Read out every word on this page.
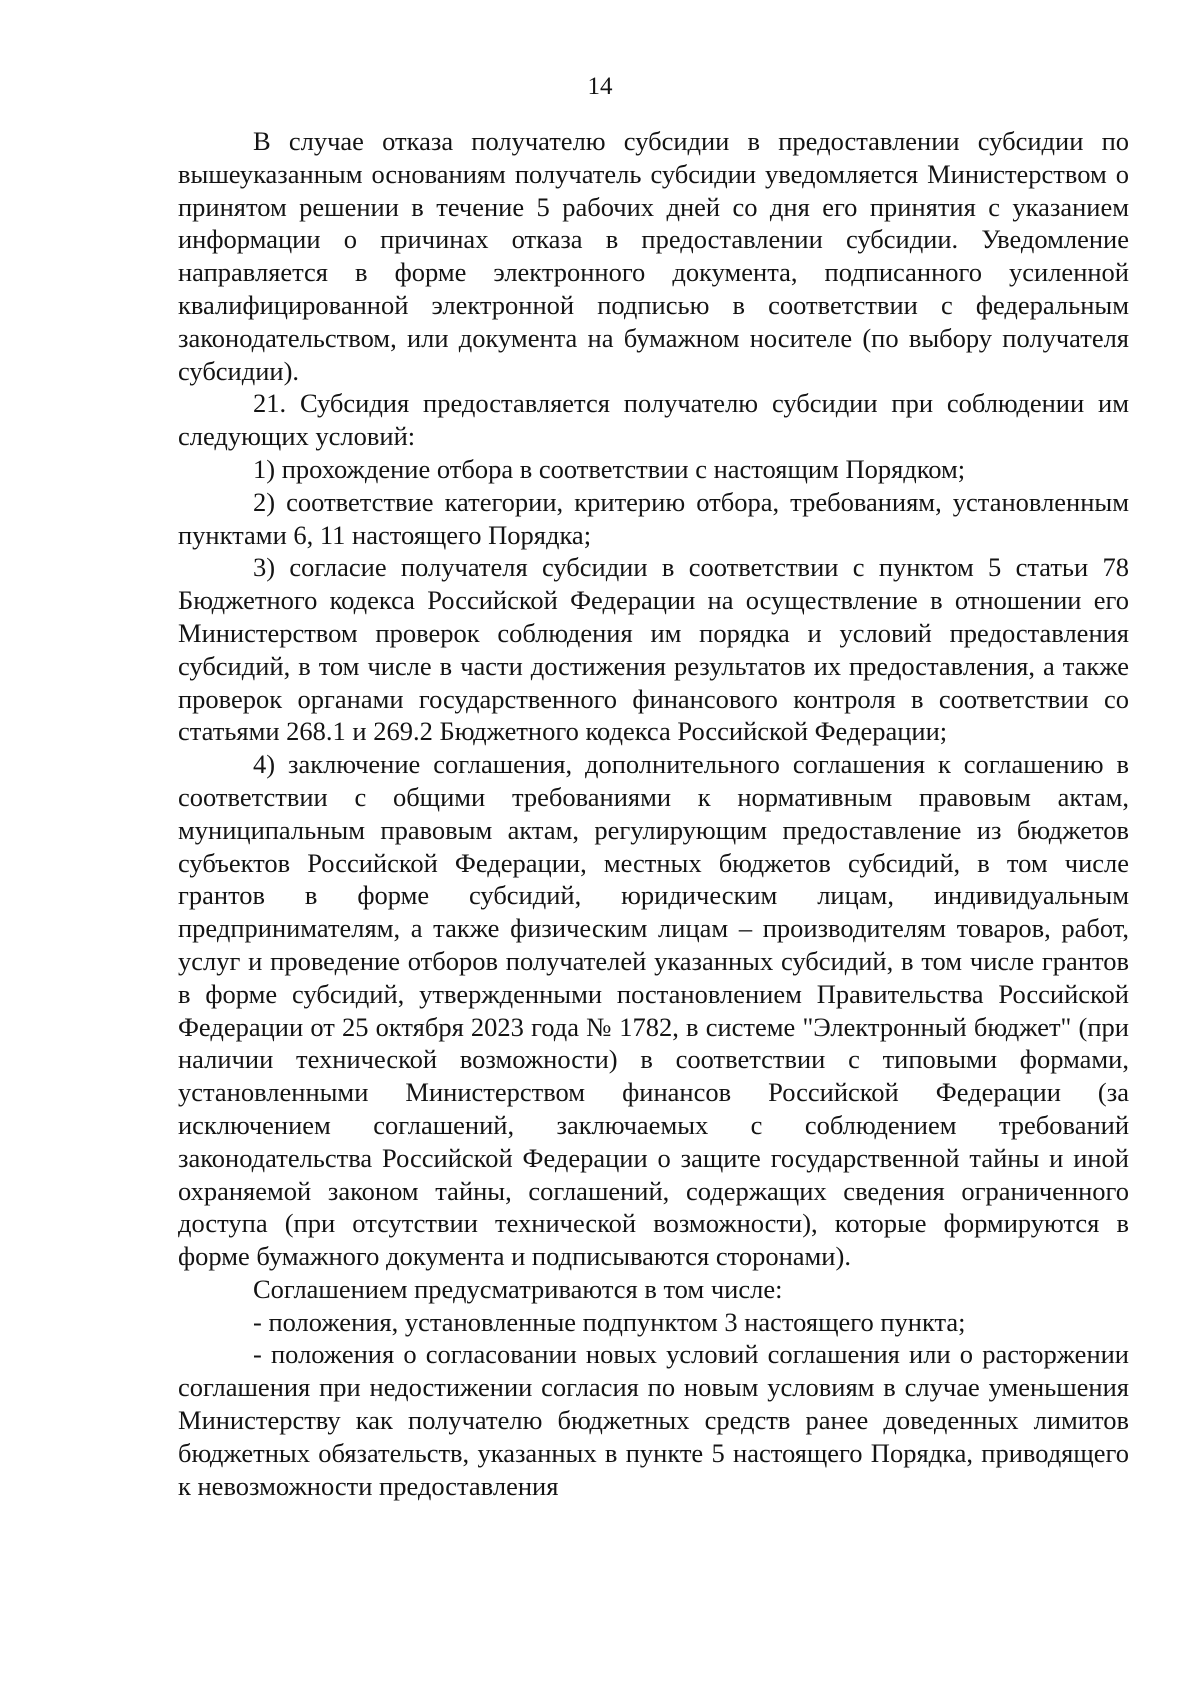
14

В случае отказа получателю субсидии в предоставлении субсидии по вышеуказанным основаниям получатель субсидии уведомляется Министерством о принятом решении в течение 5 рабочих дней со дня его принятия с указанием информации о причинах отказа в предоставлении субсидии. Уведомление направляется в форме электронного документа, подписанного усиленной квалифицированной электронной подписью в соответствии с федеральным законодательством, или документа на бумажном носителе (по выбору получателя субсидии).

21. Субсидия предоставляется получателю субсидии при соблюдении им следующих условий:

1) прохождение отбора в соответствии с настоящим Порядком;

2) соответствие категории, критерию отбора, требованиям, установленным пунктами 6, 11 настоящего Порядка;

3) согласие получателя субсидии в соответствии с пунктом 5 статьи 78 Бюджетного кодекса Российской Федерации на осуществление в отношении его Министерством проверок соблюдения им порядка и условий предоставления субсидий, в том числе в части достижения результатов их предоставления, а также проверок органами государственного финансового контроля в соответствии со статьями 268.1 и 269.2 Бюджетного кодекса Российской Федерации;

4) заключение соглашения, дополнительного соглашения к соглашению в соответствии с общими требованиями к нормативным правовым актам, муниципальным правовым актам, регулирующим предоставление из бюджетов субъектов Российской Федерации, местных бюджетов субсидий, в том числе грантов в форме субсидий, юридическим лицам, индивидуальным предпринимателям, а также физическим лицам – производителям товаров, работ, услуг и проведение отборов получателей указанных субсидий, в том числе грантов в форме субсидий, утвержденными постановлением Правительства Российской Федерации от 25 октября 2023 года № 1782, в системе "Электронный бюджет" (при наличии технической возможности) в соответствии с типовыми формами, установленными Министерством финансов Российской Федерации (за исключением соглашений, заключаемых с соблюдением требований законодательства Российской Федерации о защите государственной тайны и иной охраняемой законом тайны, соглашений, содержащих сведения ограниченного доступа (при отсутствии технической возможности), которые формируются в форме бумажного документа и подписываются сторонами).

Соглашением предусматриваются в том числе:

- положения, установленные подпунктом 3 настоящего пункта;

- положения о согласовании новых условий соглашения или о расторжении соглашения при недостижении согласия по новым условиям в случае уменьшения Министерству как получателю бюджетных средств ранее доведенных лимитов бюджетных обязательств, указанных в пункте 5 настоящего Порядка, приводящего к невозможности предоставления
